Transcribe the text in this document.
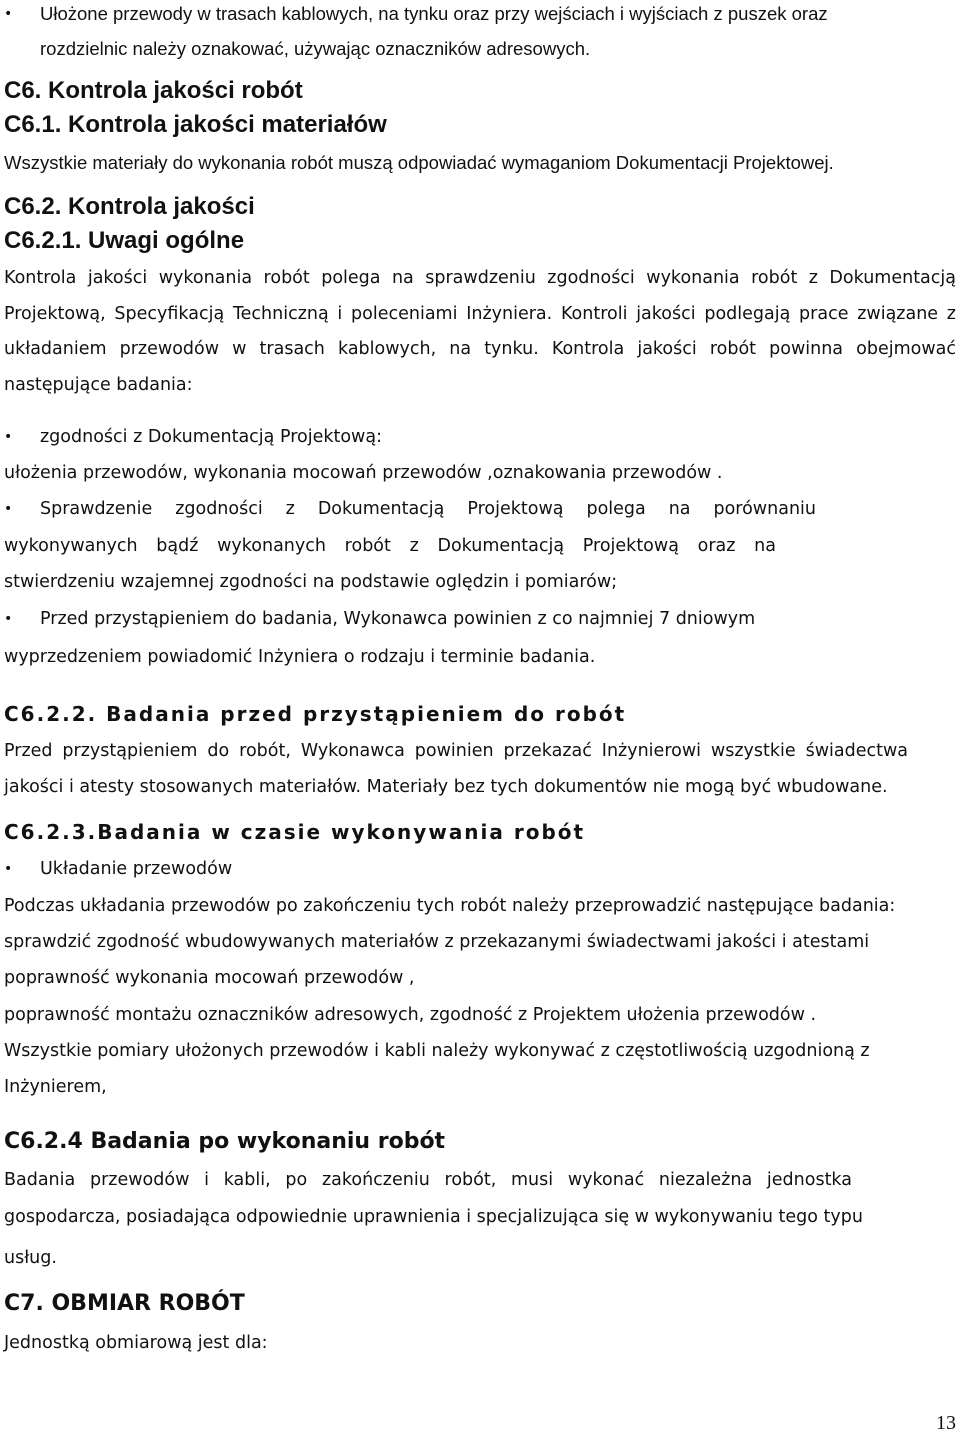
• Ułożone przewody w trasach kablowych, na tynku oraz przy wejściach i wyjściach z puszek oraz
rozdzielnic należy oznakować, używając oznaczników adresowych.
C6. Kontrola jakości robót
C6.1. Kontrola jakości materiałów
Wszystkie materiały do wykonania robót muszą odpowiadać wymaganiom Dokumentacji Projektowej.
C6.2. Kontrola jakości
C6.2.1. Uwagi ogólne
Kontrola jakości wykonania robót polega na sprawdzeniu zgodności wykonania robót z Dokumentacją
Projektową, Specyfikacją Techniczną i poleceniami Inżyniera. Kontroli jakości podlegają prace związane z
układaniem przewodów w trasach kablowych, na tynku. Kontrola jakości robót powinna obejmować
następujące badania:
• zgodności z Dokumentacją Projektową:
ułożenia przewodów, wykonania mocowań przewodów ,oznakowania przewodów .
• Sprawdzenie zgodności z Dokumentacją Projektową polega na porównaniu
wykonywanych bądź wykonanych robót z Dokumentacją Projektową oraz na
stwierdzeniu wzajemnej zgodności na podstawie oględzin i pomiarów;
• Przed przystąpieniem do badania, Wykonawca powinien z co najmniej 7 dniowym
wyprzedzeniem powiadomić Inżyniera o rodzaju i terminie badania.
C6.2.2. Badania przed przystąpieniem do robót
Przed przystąpieniem do robót, Wykonawca powinien przekazać Inżynierowi wszystkie świadectwa
jakości i atesty stosowanych materiałów. Materiały bez tych dokumentów nie mogą być wbudowane.
C6.2.3.Badania w czasie wykonywania robót
• Układanie przewodów
Podczas układania przewodów po zakończeniu tych robót należy przeprowadzić następujące badania:
sprawdzić zgodność wbudowywanych materiałów z przekazanymi świadectwami jakości i atestami
poprawność wykonania mocowań przewodów ,
poprawność montażu oznaczników adresowych, zgodność z Projektem ułożenia przewodów .
Wszystkie pomiary ułożonych przewodów i kabli należy wykonywać z częstotliwością uzgodnioną z
Inżynierem,
C6.2.4 Badania po wykonaniu robót
Badania przewodów i kabli, po zakończeniu robót, musi wykonać niezależna jednostka
gospodarcza, posiadająca odpowiednie uprawnienia i specjalizująca się w wykonywaniu tego typu
usług.
C7. OBMIAR ROBÓT
Jednostką obmiarową jest dla:
13
